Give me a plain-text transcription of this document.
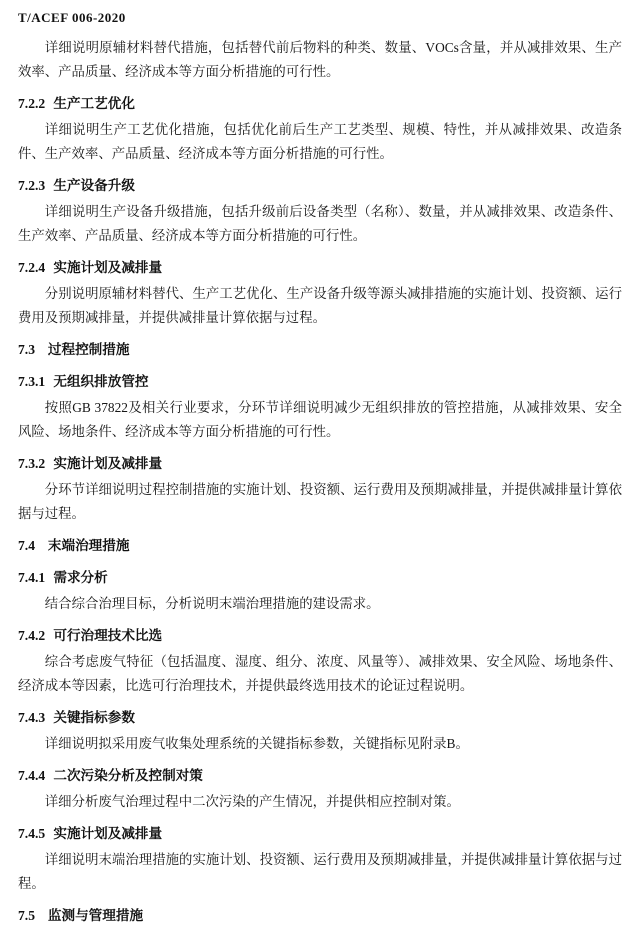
T/ACEF 006-2020

详细说明原辅材料替代措施，包括替代前后物料的种类、数量、VOCs含量，并从减排效果、生产效率、产品质量、经济成本等方面分析措施的可行性。

7.2.2 生产工艺优化

详细说明生产工艺优化措施，包括优化前后生产工艺类型、规模、特性，并从减排效果、改造条件、生产效率、产品质量、经济成本等方面分析措施的可行性。

7.2.3 生产设备升级

详细说明生产设备升级措施，包括升级前后设备类型（名称）、数量，并从减排效果、改造条件、生产效率、产品质量、经济成本等方面分析措施的可行性。

7.2.4 实施计划及减排量

分别说明原辅材料替代、生产工艺优化、生产设备升级等源头减排措施的实施计划、投资额、运行费用及预期减排量，并提供减排量计算依据与过程。

7.3 过程控制措施
7.3.1 无组织排放管控

按照GB 37822及相关行业要求，分环节详细说明减少无组织排放的管控措施，从减排效果、安全风险、场地条件、经济成本等方面分析措施的可行性。

7.3.2 实施计划及减排量

分环节详细说明过程控制措施的实施计划、投资额、运行费用及预期减排量，并提供减排量计算依据与过程。

7.4 末端治理措施
7.4.1 需求分析

结合综合治理目标，分析说明末端治理措施的建设需求。

7.4.2 可行治理技术比选

综合考虑废气特征（包括温度、湿度、组分、浓度、风量等）、减排效果、安全风险、场地条件、经济成本等因素，比选可行治理技术，并提供最终选用技术的论证过程说明。

7.4.3 关键指标参数

详细说明拟采用废气收集处理系统的关键指标参数，关键指标见附录B。

7.4.4 二次污染分析及控制对策

详细分析废气治理过程中二次污染的产生情况，并提供相应控制对策。

7.4.5 实施计划及减排量

详细说明末端治理措施的实施计划、投资额、运行费用及预期减排量，并提供减排量计算依据与过程。

7.5 监测与管理措施
